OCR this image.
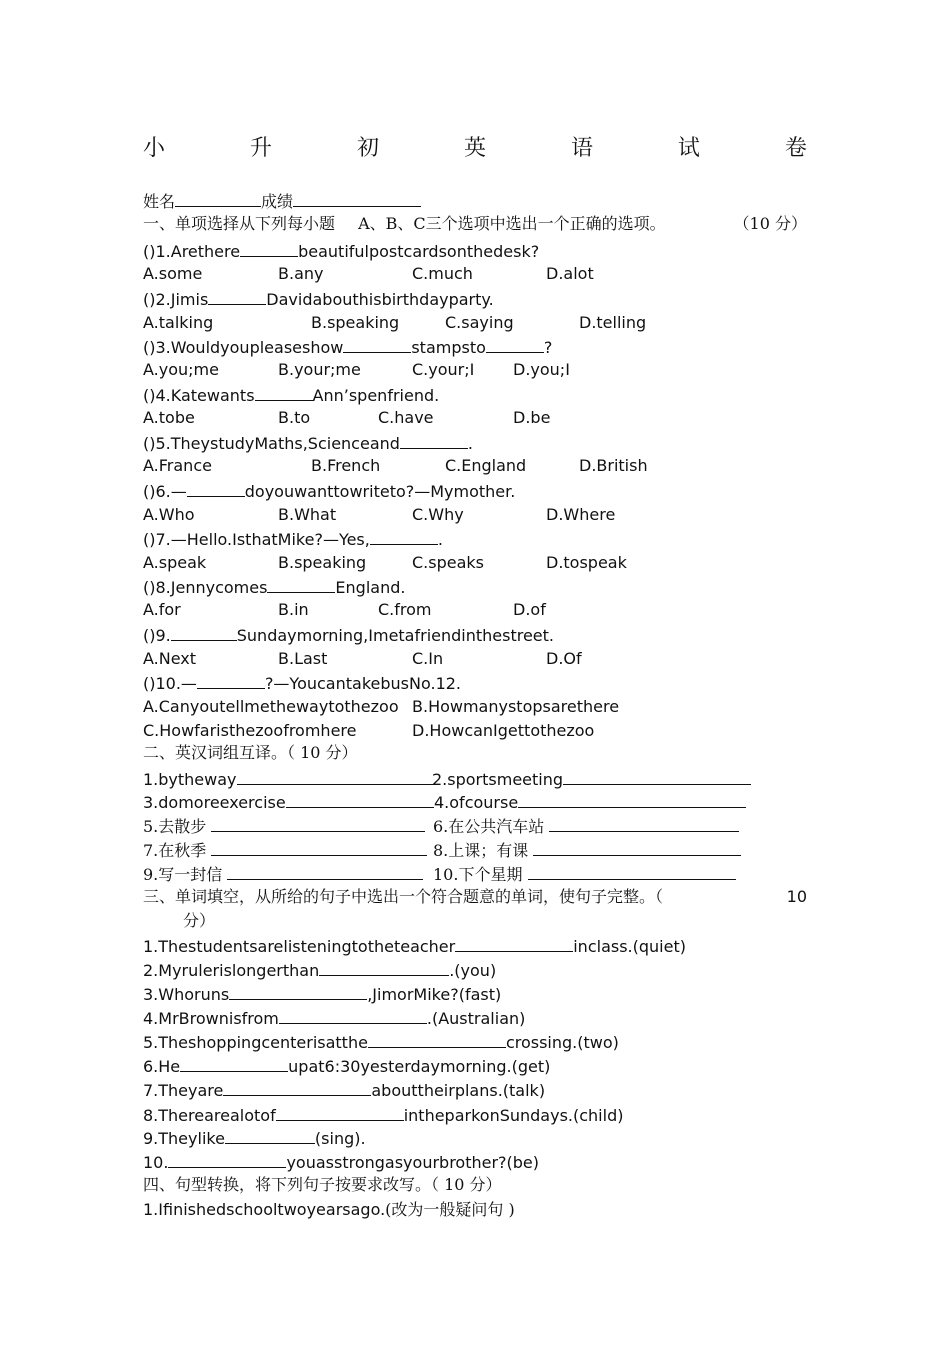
小	升	初	英	语	试	卷
姓名	成绩
一、单项选择从下列每小题 A、B、C三个选项中选出一个正确的选项。	（10 分）
()1.Arethere	beautifulpostcardsonthedesk?
A.some	B.any	C.much	D.alot
()2.Jimis	Davidabouthisbirthdayparty.
A.talking	B.speaking	C.saying	D.telling
()3.Wouldyoupleaseshow	stampsto	?
A.you;me	B.your;me	C.your;I D.you;I
()4.Katewants	Ann’spenfriend.
A.tobe	B.to	C.have	D.be
()5.TheystudyMaths,Scienceand	.
A.France	B.French	C.England	D.British
()6.—	doyouwanttowriteto?—Mymother.
A.Who	B.What	C.Why	D.Where
()7.—Hello.IsthatMike?—Yes,	.
A.speak	B.speaking	C.speaks	D.tospeak
()8.Jennycomes	England.
A.for	B.in	C.from	D.of
()9.	Sundaymorning,Imetafriendinthestreet.
A.Next	B.Last	C.In	D.Of
()10.—	?—YoucantakebusNo.12.
A.Canyoutellmethewaytothezoo B.Howmanystopsarethere
C.Howfaristhezoofromhere	D.HowcanIgettothezoo
二、英汉词组互译。（ 10 分）
1.bytheway	2.sportsmeeting
3.domoreexercise	4.ofcourse
5.去散步	6.在公共汽车站
7.在秋季	8.上课；有课
9.写一封信	10.下个星期
三、单词填空，从所给的句子中选出一个符合题意的单词，使句子完整。（	10
分）
1.Thestudentsarelisteningtotheteacher	inclass.(quiet)
2.Myrulerislongerthan	.(you)
3.Whoruns	,JimorMike?(fast)
4.MrBrownisfrom	.(Australian)
5.Theshoppingcenterisatthe	crossing.(two)
6.He	upat6:30yesterdaymorning.(get)
7.Theyare	abouttheirplans.(talk)
8.Therearealotof	intheparkonSundays.(child)
9.Theylike	(sing).
10.	youasstrongasyourbrother?(be)
四、句型转换，将下列句子按要求改写。（ 10 分）
1.Ifinishedschooltwoyearsago.(改为一般疑问句 )
